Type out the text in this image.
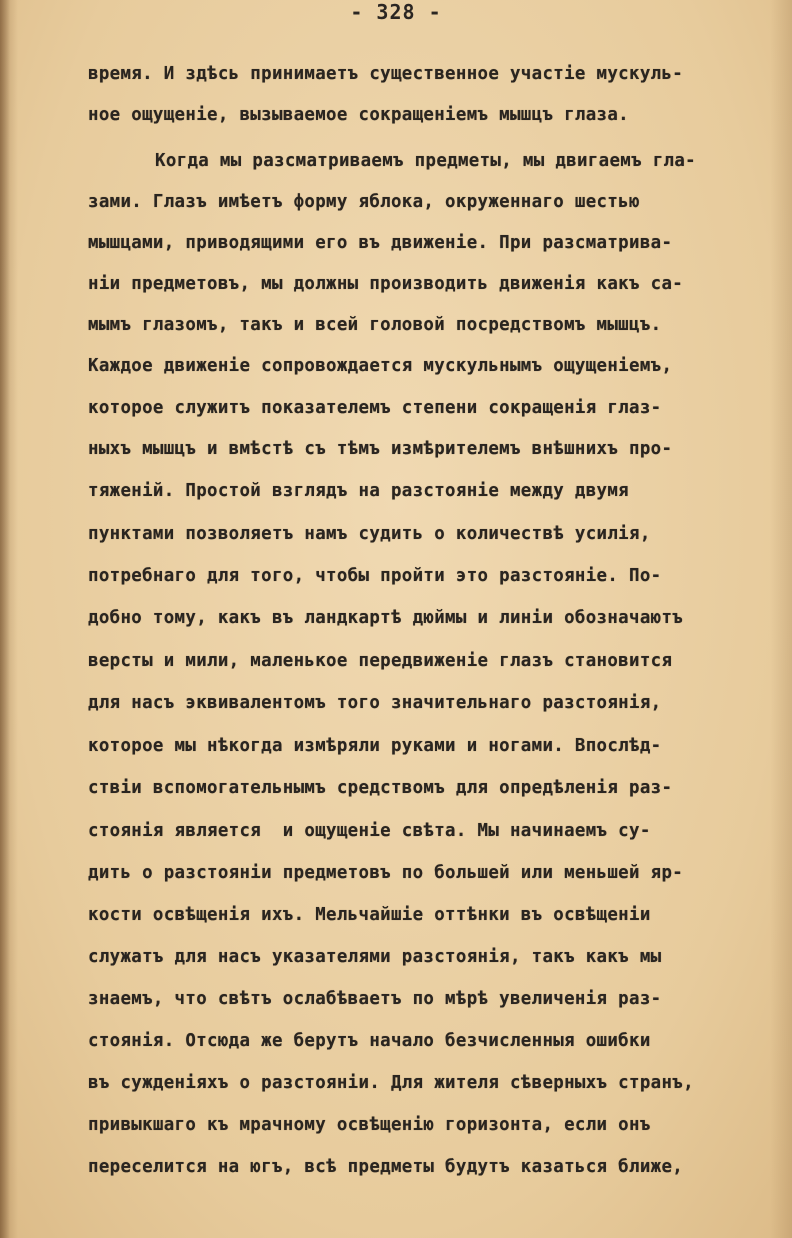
- 328 -
время. И здѣсь принимаетъ существенное участіе мускуль-
ное ощущеніе, вызываемое сокращеніемъ мышцъ глаза.
Когда мы разсматриваемъ предметы, мы двигаемъ гла-
зами. Глазъ имѣетъ форму яблока, окруженнаго шестью
мышцами, приводящими его въ движеніе. При разсматрива-
ніи предметовъ, мы должны производить движенія какъ са-
мымъ глазомъ, такъ и всей головой посредствомъ мышцъ.
Каждое движеніе сопровождается мускульнымъ ощущеніемъ,
которое служитъ показателемъ степени сокращенія глаз-
ныхъ мышцъ и вмѣстѣ съ тѣмъ измѣрителемъ внѣшнихъ про-
тяженій. Простой взглядъ на разстояніе между двумя
пунктами позволяетъ намъ судить о количествѣ усилія,
потребнаго для того, чтобы пройти это разстояніе. По-
добно тому, какъ въ ландкартѣ дюймы и линіи обозначаютъ
версты и мили, маленькое передвиженіе глазъ становится
для насъ эквивалентомъ того значительнаго разстоянія,
которое мы нѣкогда измѣряли руками и ногами. Впослѣд-
ствіи вспомогательнымъ средствомъ для опредѣленія раз-
стоянія является  и ощущеніе свѣта. Мы начинаемъ су-
дить о разстояніи предметовъ по большей или меньшей яр-
кости освѣщенія ихъ. Мельчайшіе оттѣнки въ освѣщеніи
служатъ для насъ указателями разстоянія, такъ какъ мы
знаемъ, что свѣтъ ослабѣваетъ по мѣрѣ увеличенія раз-
стоянія. Отсюда же берутъ начало безчисленныя ошибки
въ сужденіяхъ о разстояніи. Для жителя сѣверныхъ странъ,
привыкшаго къ мрачному освѣщенію горизонта, если онъ
переселится на югъ, всѣ предметы будутъ казаться ближе,
